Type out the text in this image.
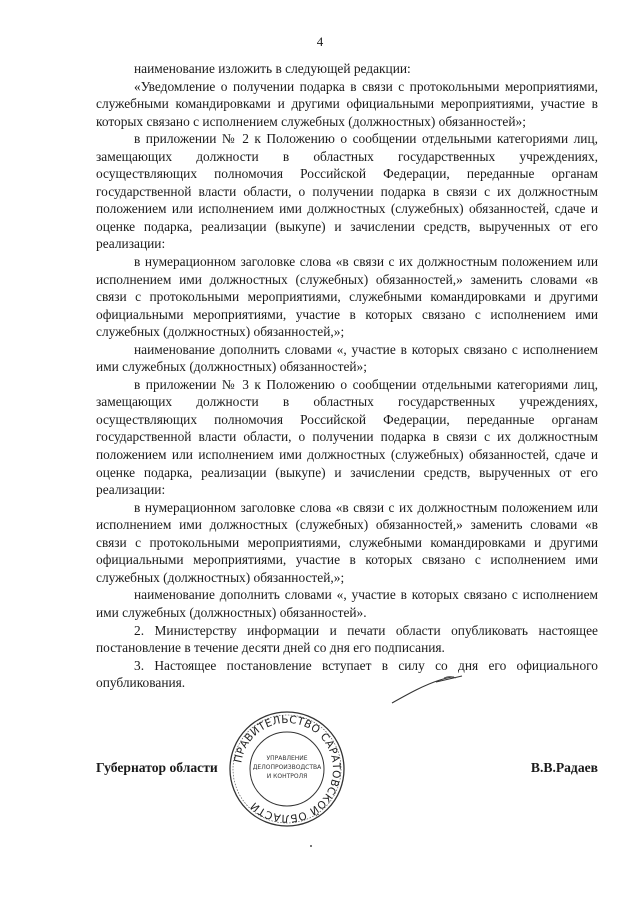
4

наименование изложить в следующей редакции:

«Уведомление о получении подарка в связи с протокольными мероприятиями, служебными командировками и другими официальными мероприятиями, участие в которых связано с исполнением служебных (должностных) обязанностей»;

в приложении № 2 к Положению о сообщении отдельными категориями лиц, замещающих должности в областных государственных учреждениях, осуществляющих полномочия Российской Федерации, переданные органам государственной власти области, о получении подарка в связи с их должностным положением или исполнением ими должностных (служебных) обязанностей, сдаче и оценке подарка, реализации (выкупе) и зачислении средств, вырученных от его реализации:

в нумерационном заголовке слова «в связи с их должностным положением или исполнением ими должностных (служебных) обязанностей,» заменить словами «в связи с протокольными мероприятиями, служебными командировками и другими официальными мероприятиями, участие в которых связано с исполнением ими служебных (должностных) обязанностей,»;

наименование дополнить словами «, участие в которых связано с исполнением ими служебных (должностных) обязанностей»;

в приложении № 3 к Положению о сообщении отдельными категориями лиц, замещающих должности в областных государственных учреждениях, осуществляющих полномочия Российской Федерации, переданные органам государственной власти области, о получении подарка в связи с их должностным положением или исполнением ими должностных (служебных) обязанностей, сдаче и оценке подарка, реализации (выкупе) и зачислении средств, вырученных от его реализации:

в нумерационном заголовке слова «в связи с их должностным положением или исполнением ими должностных (служебных) обязанностей,» заменить словами «в связи с протокольными мероприятиями, служебными командировками и другими официальными мероприятиями, участие в которых связано с исполнением ими служебных (должностных) обязанностей,»;

наименование дополнить словами «, участие в которых связано с исполнением ими служебных (должностных) обязанностей».

2. Министерству информации и печати области опубликовать настоящее постановление в течение десяти дней со дня его подписания.

3. Настоящее постановление вступает в силу со дня его официального опубликования.

Губернатор области	В.В.Радаев
ПРАВИТЕЛЬСТВО САРАТОВСКОЙ ОБЛАСТИ
УПРАВЛЕНИЕ
ДЕЛОПРОИЗВОДСТВА
И КОНТРОЛЯ
